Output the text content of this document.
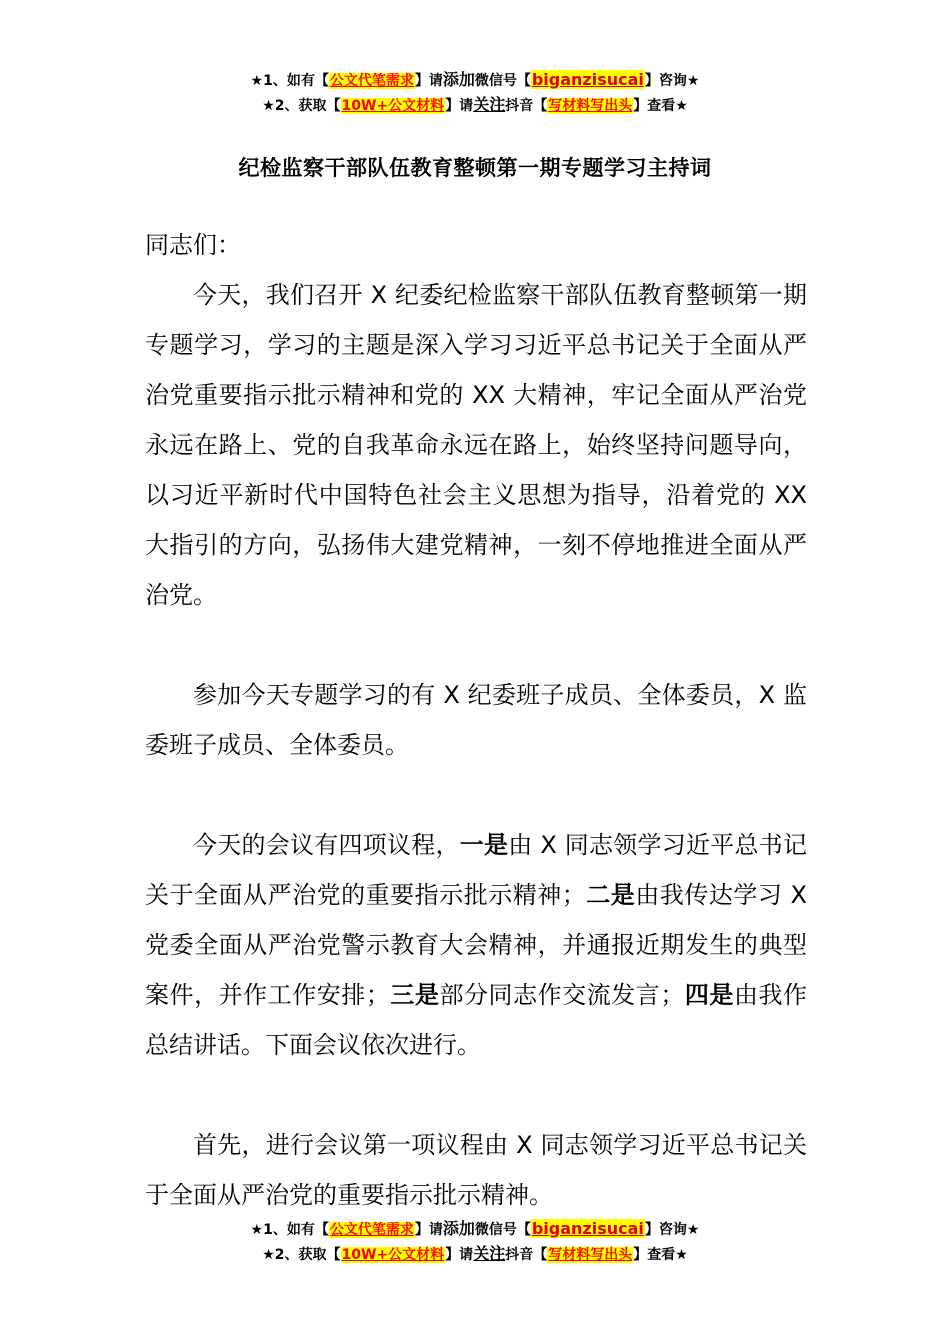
★1、如有【公文代笔需求】请添加微信号【biganzisucai】咨询★
★2、获取【10W+公文材料】请关注抖音【写材料写出头】查看★
纪检监察干部队伍教育整顿第一期专题学习主持词

同志们：

今天，我们召开 X 纪委纪检监察干部队伍教育整顿第一期专题学习，学习的主题是深入学习习近平总书记关于全面从严治党重要指示批示精神和党的 XX 大精神，牢记全面从严治党永远在路上、党的自我革命永远在路上，始终坚持问题导向，以习近平新时代中国特色社会主义思想为指导，沿着党的 XX 大指引的方向，弘扬伟大建党精神，一刻不停地推进全面从严治党。

参加今天专题学习的有 X 纪委班子成员、全体委员，X 监委班子成员、全体委员。

今天的会议有四项议程，一是由 X 同志领学习近平总书记关于全面从严治党的重要指示批示精神；二是由我传达学习 X 党委全面从严治党警示教育大会精神，并通报近期发生的典型案件，并作工作安排；三是部分同志作交流发言；四是由我作总结讲话。下面会议依次进行。

首先，进行会议第一项议程由 X 同志领学习近平总书记关于全面从严治党的重要指示批示精神。

★1、如有【公文代笔需求】请添加微信号【biganzisucai】咨询★
★2、获取【10W+公文材料】请关注抖音【写材料写出头】查看★
